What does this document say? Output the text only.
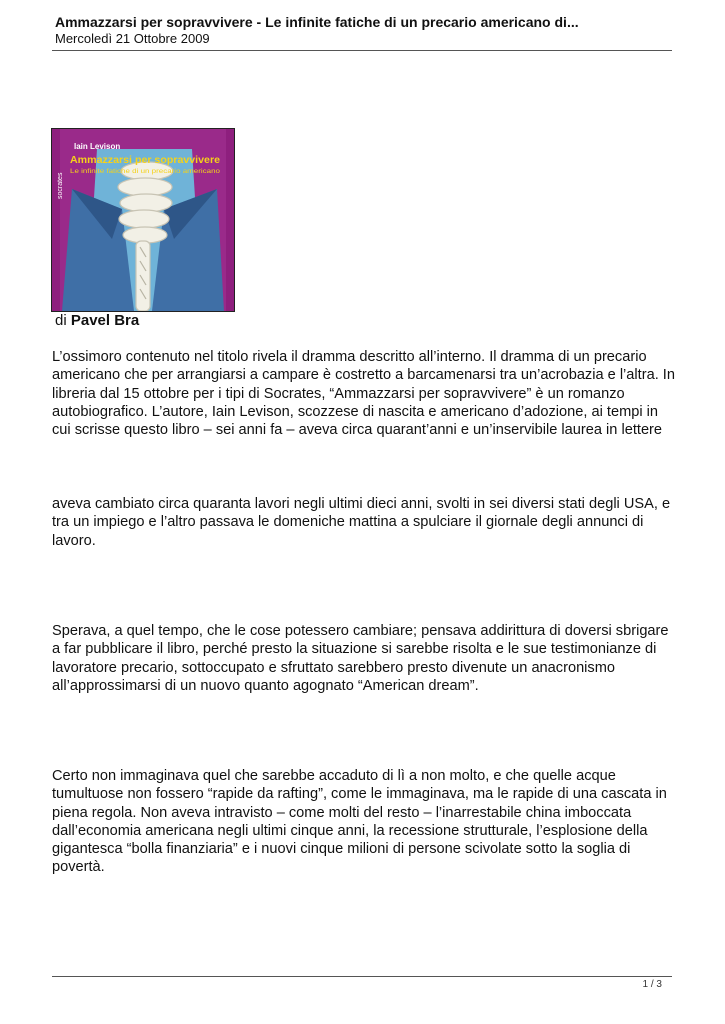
Ammazzarsi per sopravvivere - Le infinite fatiche di un precario americano di...
Mercoledì 21 Ottobre 2009
socrates
Iain Levison
Ammazzarsi per sopravvivere
Le infinite fatiche di un precario americano
di Pavel Bra

L’ossimoro contenuto nel titolo rivela il dramma descritto all’interno. Il dramma di un precario americano che per arrangiarsi a campare è costretto a barcamenarsi tra un’acrobazia e l’altra. In libreria dal 15 ottobre per i tipi di Socrates, “Ammazzarsi per sopravvivere” è un romanzo autobiografico. L’autore, Iain Levison, scozzese di nascita e americano d’adozione, ai tempi in cui scrisse questo libro – sei anni fa – aveva circa quarant’anni e un’inservibile laurea in lettere

aveva cambiato circa quaranta lavori negli ultimi dieci anni, svolti in sei diversi stati degli USA, e tra un impiego e l’altro passava le domeniche mattina a spulciare il giornale degli annunci di lavoro.

Sperava, a quel tempo, che le cose potessero cambiare; pensava addirittura di doversi sbrigare a far pubblicare il libro, perché presto la situazione si sarebbe risolta e le sue testimonianze di lavoratore precario, sottoccupato e sfruttato sarebbero presto divenute un anacronismo all’approssimarsi di un nuovo quanto agognato “American dream”.

Certo non immaginava quel che sarebbe accaduto di lì a non molto, e che quelle acque tumultuose non fossero “rapide da rafting”, come le immaginava, ma le rapide di una cascata in piena regola. Non aveva intravisto – come molti del resto – l’inarrestabile china imboccata dall’economia americana negli ultimi cinque anni, la recessione strutturale, l’esplosione della gigantesca “bolla finanziaria” e i nuovi cinque milioni di persone scivolate sotto la soglia di povertà.

1 / 3
